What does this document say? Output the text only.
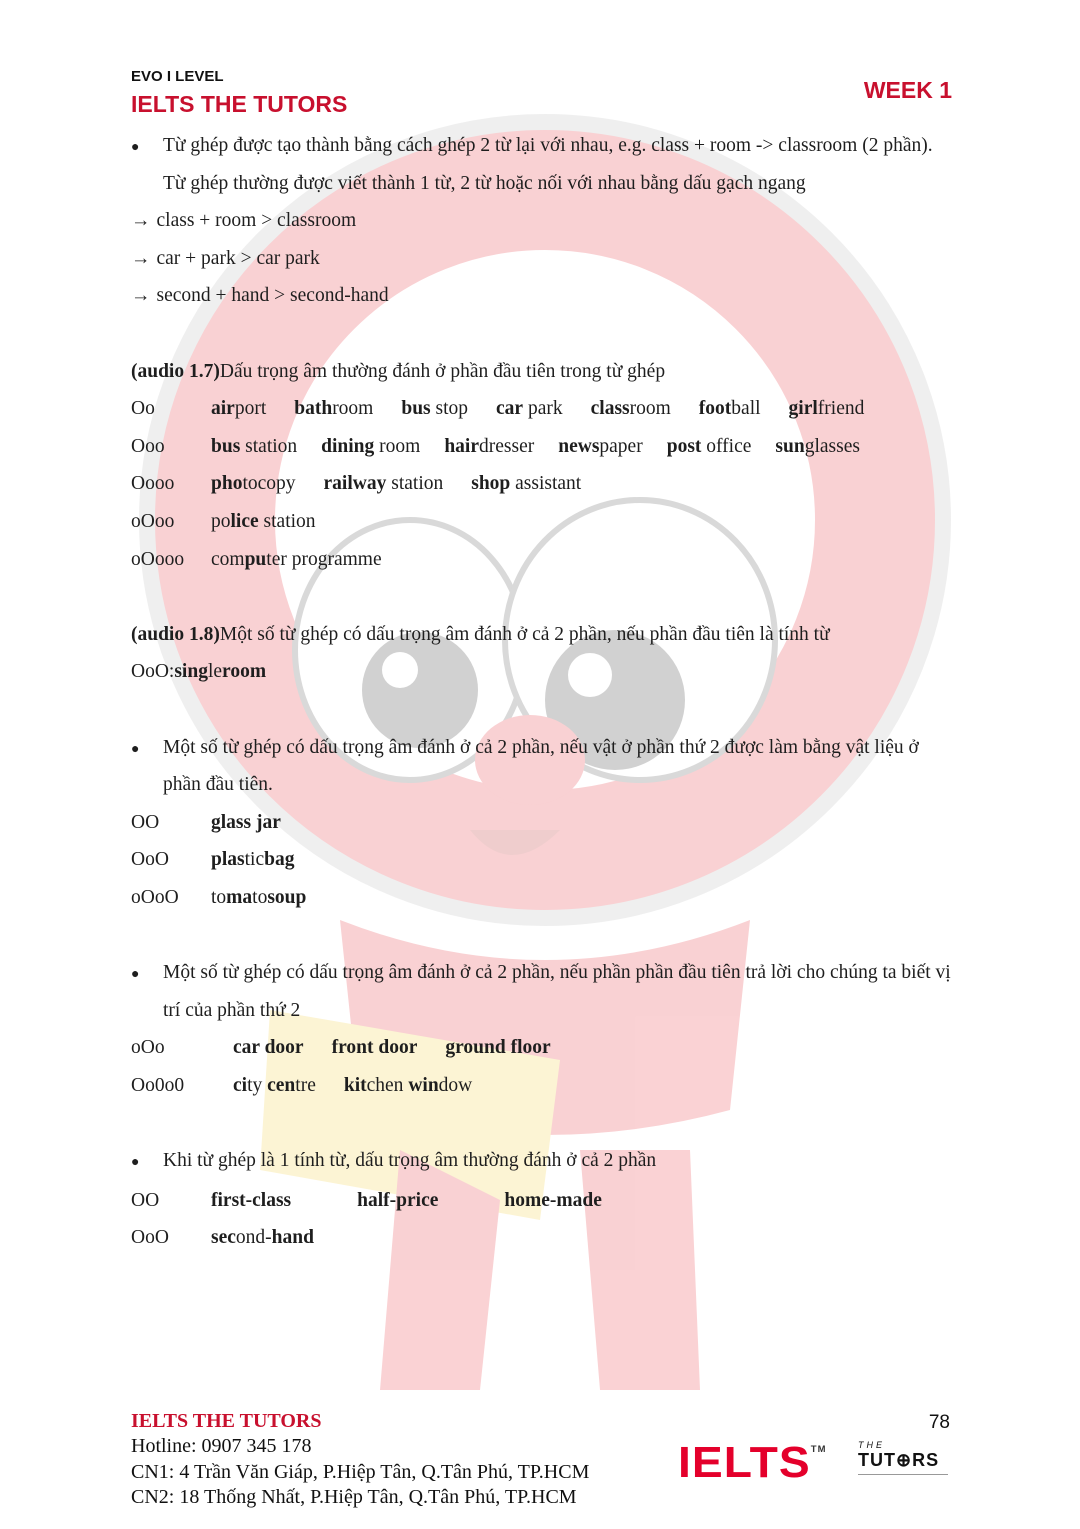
EVO I LEVEL
IELTS THE TUTORS
WEEK 1
●	Từ ghép được tạo thành bằng cách ghép 2 từ lại với nhau, e.g. class + room -> classroom (2 phần). Từ ghép thường được viết thành 1 từ, 2 từ hoặc nối với nhau bằng dấu gạch ngang
→ class + room > classroom
→ car + park > car park
→ second + hand > second-hand
(audio 1.7) Dấu trọng âm thường đánh ở phần đầu tiên trong từ ghép
Oo	airport bathroom bus stop car park classroom football girlfriend
Ooo	bus station dining room hairdresser newspaper post office sunglasses
Oooo	photocopy railway station shop assistant
oOoo	police station
oOooo	computer programme
(audio 1.8) Một số từ ghép có dấu trọng âm đánh ở cả 2 phần, nếu phần đầu tiên là tính từ
OoO: sing le room
●	Một số từ ghép có dấu trọng âm đánh ở cả 2 phần, nếu vật ở phần thứ 2 được làm bằng vật liệu ở phần đầu tiên.
OO	glass jar
OoO	plas tic bag
oOoO	to ma to soup
●	Một số từ ghép có dấu trọng âm đánh ở cả 2 phần, nếu phần phần đầu tiên trả lời cho chúng ta biết vị trí của phần thứ 2
oOo	car door front door ground floor
Oo0o0	city centre kitchen window
●	Khi từ ghép là 1 tính từ, dấu trọng âm thường đánh ở cả 2 phần
OO	first-class	half-price	home-made
OoO	sec ond- hand
IELTS THE TUTORS
Hotline: 0907 345 178
CN1: 4 Trần Văn Giáp, P.Hiệp Tân, Q.Tân Phú, TP.HCM
CN2: 18 Thống Nhất, P.Hiệp Tân, Q.Tân Phú, TP.HCM
78
IELTS™	THE
TUT⊕RS
